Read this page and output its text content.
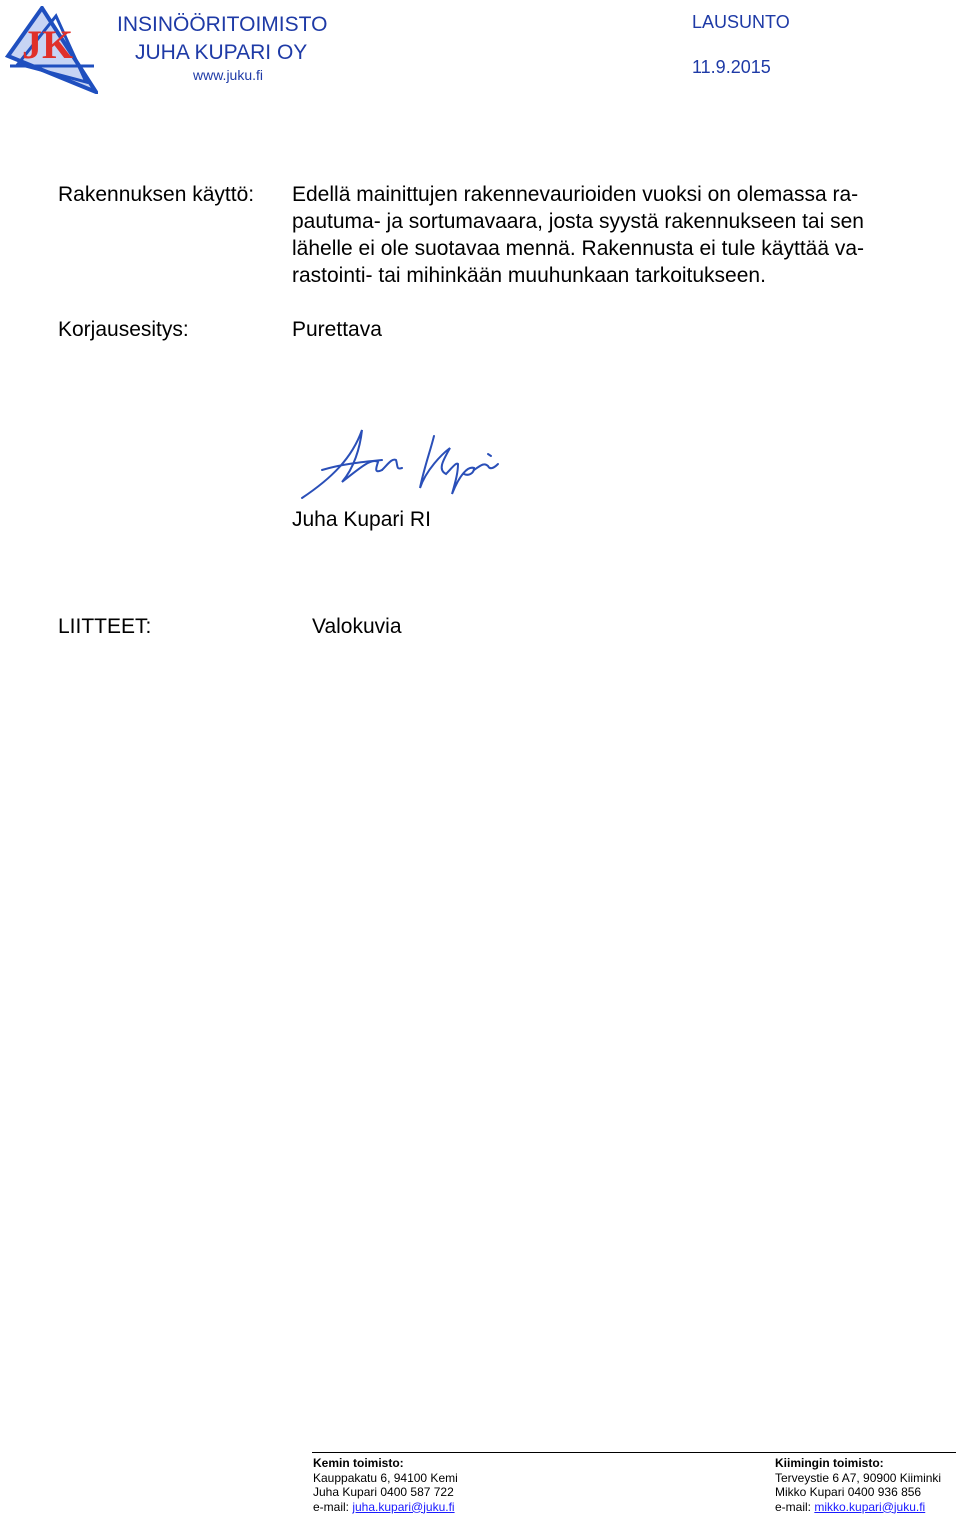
JK INSINÖÖRITOIMISTO
JUHA KUPARI OY
www.juku.fi
LAUSUNTO
11.9.2015
Rakennuksen käyttö: Edellä mainittujen rakennevaurioiden vuoksi on olemassa ra-
pautuma- ja sortumavaara, josta syystä rakennukseen tai sen
lähelle ei ole suotavaa mennä. Rakennusta ei tule käyttää va-
rastointi- tai mihinkään muuhunkaan tarkoitukseen.
Korjausesitys:	Purettava
Juha Kupari RI
LIITTEET:	Valokuvia
Kemin toimisto:
Kauppakatu 6, 94100 Kemi
Juha Kupari 0400 587 722
e-mail: juha.kupari@juku.fi
Kiimingin toimisto:
Terveystie 6 A7, 90900 Kiiminki
Mikko Kupari 0400 936 856
e-mail: mikko.kupari@juku.fi
